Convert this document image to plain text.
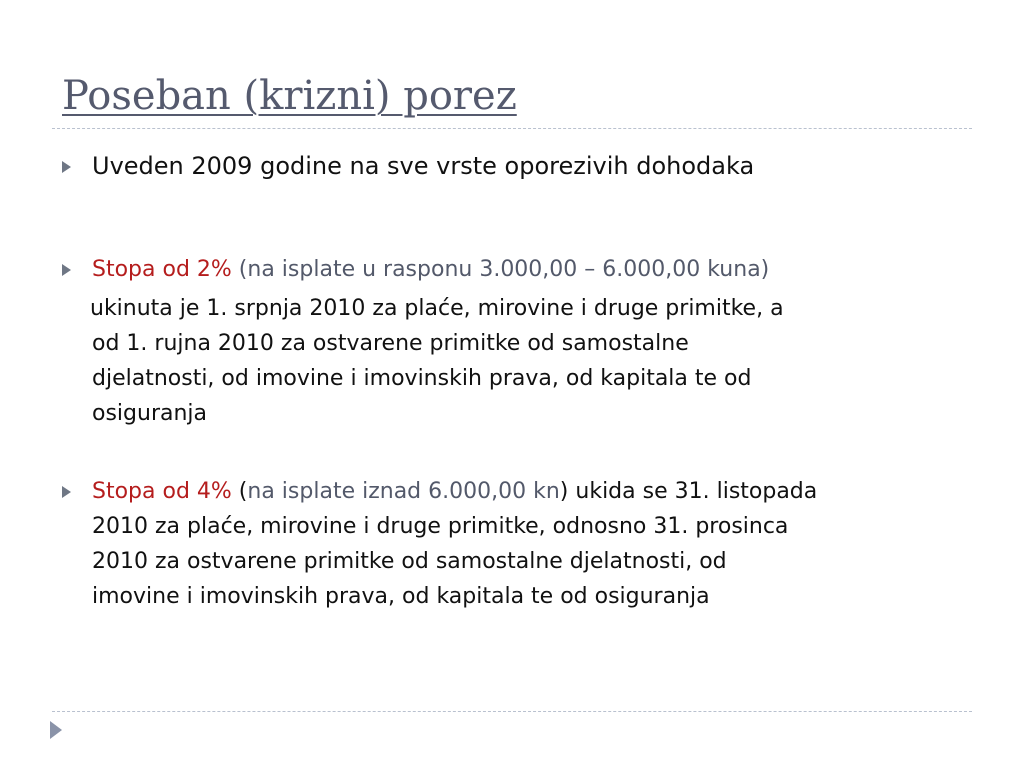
Poseban (krizni) porez
Uveden 2009 godine na sve vrste oporezivih dohodaka
Stopa od 2% (na isplate u rasponu 3.000,00 – 6.000,00 kuna)
ukinuta je 1. srpnja 2010 za plaće, mirovine i druge primitke, a
od 1. rujna 2010 za ostvarene primitke od samostalne
djelatnosti, od imovine i imovinskih prava, od kapitala te od
osiguranja
Stopa od 4% (na isplate iznad 6.000,00 kn) ukida se 31. listopada
2010 za plaće, mirovine i druge primitke, odnosno 31. prosinca
2010 za ostvarene primitke od samostalne djelatnosti, od
imovine i imovinskih prava, od kapitala te od osiguranja
